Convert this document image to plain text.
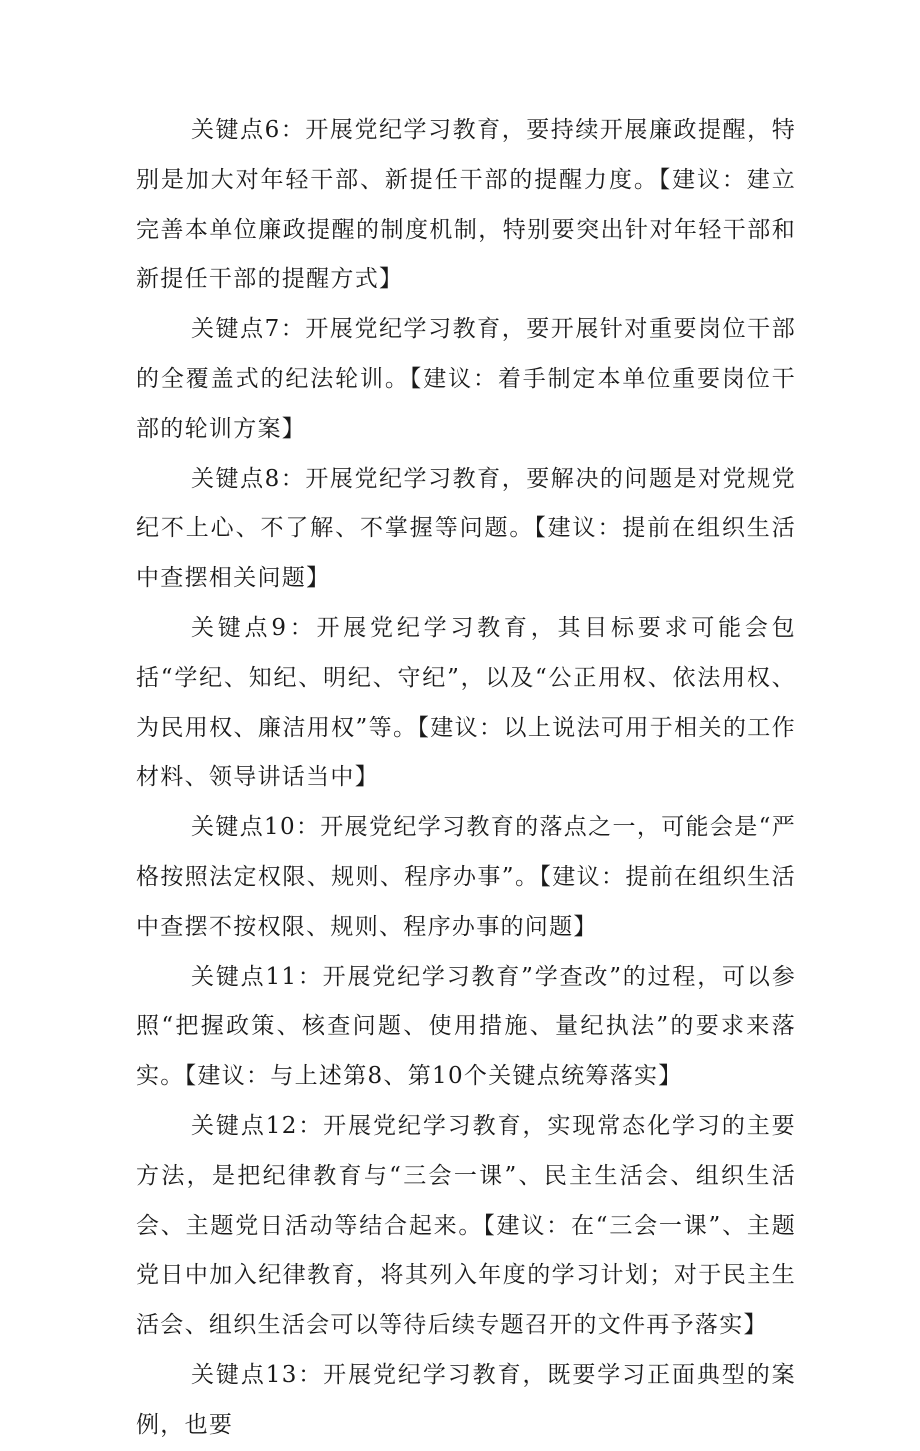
关键点6：开展党纪学习教育，要持续开展廉政提醒，特别是加大对年轻干部、新提任干部的提醒力度。【建议：建立完善本单位廉政提醒的制度机制，特别要突出针对年轻干部和新提任干部的提醒方式】

关键点7：开展党纪学习教育，要开展针对重要岗位干部的全覆盖式的纪法轮训。【建议：着手制定本单位重要岗位干部的轮训方案】

关键点8：开展党纪学习教育，要解决的问题是对党规党纪不上心、不了解、不掌握等问题。【建议：提前在组织生活中查摆相关问题】

关键点9：开展党纪学习教育，其目标要求可能会包括“学纪、知纪、明纪、守纪”，以及“公正用权、依法用权、为民用权、廉洁用权”等。【建议：以上说法可用于相关的工作材料、领导讲话当中】

关键点10：开展党纪学习教育的落点之一，可能会是“严格按照法定权限、规则、程序办事”。【建议：提前在组织生活中查摆不按权限、规则、程序办事的问题】

关键点11：开展党纪学习教育”学查改”的过程，可以参照“把握政策、核查问题、使用措施、量纪执法”的要求来落实。【建议：与上述第8、第10个关键点统筹落实】

关键点12：开展党纪学习教育，实现常态化学习的主要方法，是把纪律教育与“三会一课”、民主生活会、组织生活会、主题党日活动等结合起来。【建议：在“三会一课”、主题党日中加入纪律教育，将其列入年度的学习计划；对于民主生活会、组织生活会可以等待后续专题召开的文件再予落实】

关键点13：开展党纪学习教育，既要学习正面典型的案例，也要
